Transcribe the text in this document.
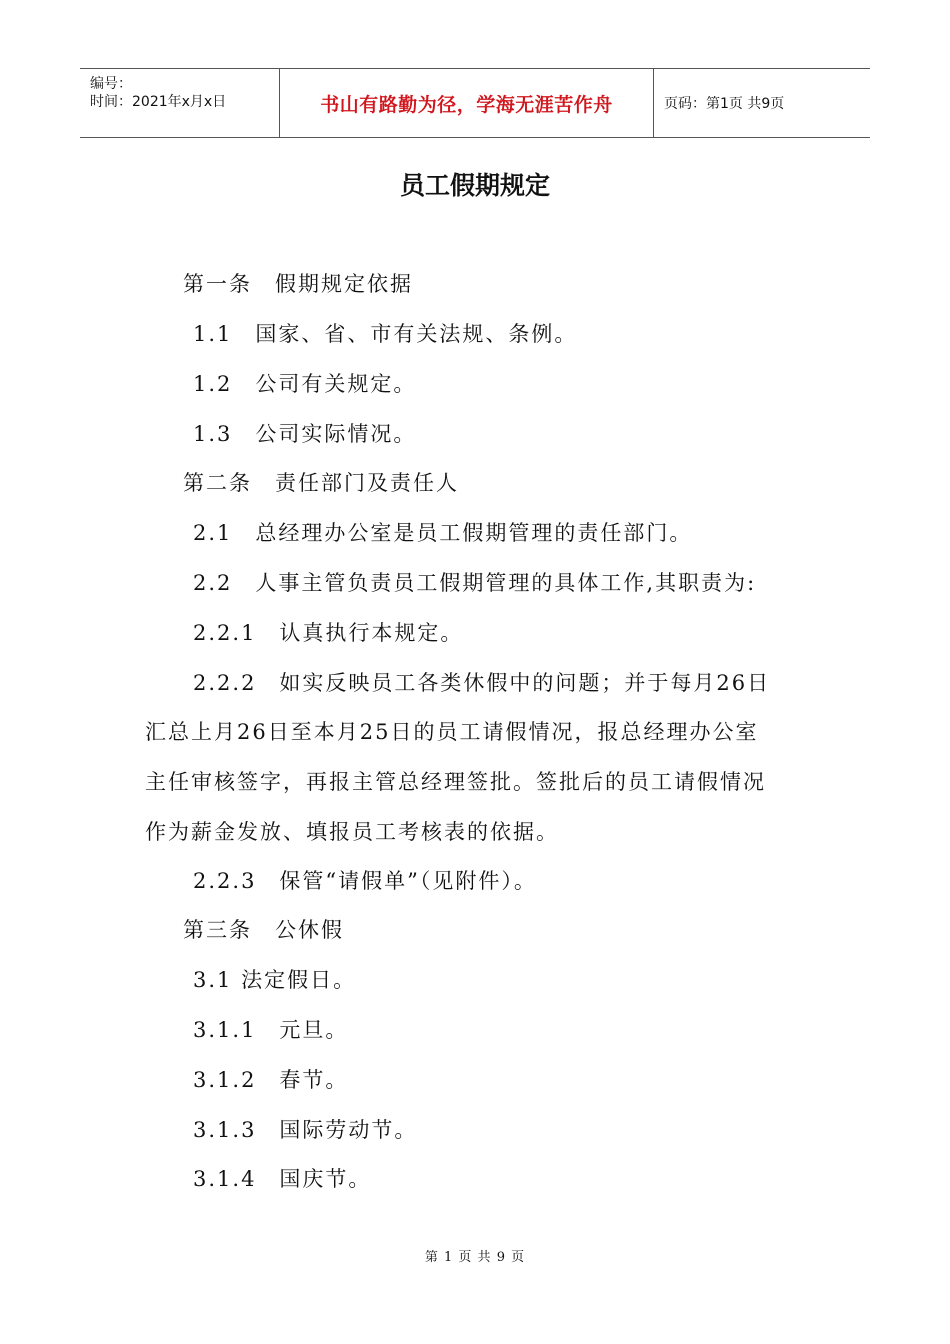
编号：
时间：2021年x月x日	书山有路勤为径，学海无涯苦作舟	页码：第1页 共9页
员工假期规定
第一条　假期规定依据
1.1　国家、省、市有关法规、条例。
1.2　公司有关规定。
1.3　公司实际情况。
第二条　责任部门及责任人
2.1　总经理办公室是员工假期管理的责任部门。
2.2　人事主管负责员工假期管理的具体工作,其职责为:
2.2.1　认真执行本规定。
2.2.2　如实反映员工各类休假中的问题；并于每月26日
汇总上月26日至本月25日的员工请假情况，报总经理办公室
主任审核签字，再报主管总经理签批。签批后的员工请假情况
作为薪金发放、填报员工考核表的依据。
2.2.3　保管“请假单”（见附件）。
第三条　公休假
3.1 法定假日。
3.1.1　元旦。
3.1.2　春节。
3.1.3　国际劳动节。
3.1.4　国庆节。
第 1 页 共 9 页
